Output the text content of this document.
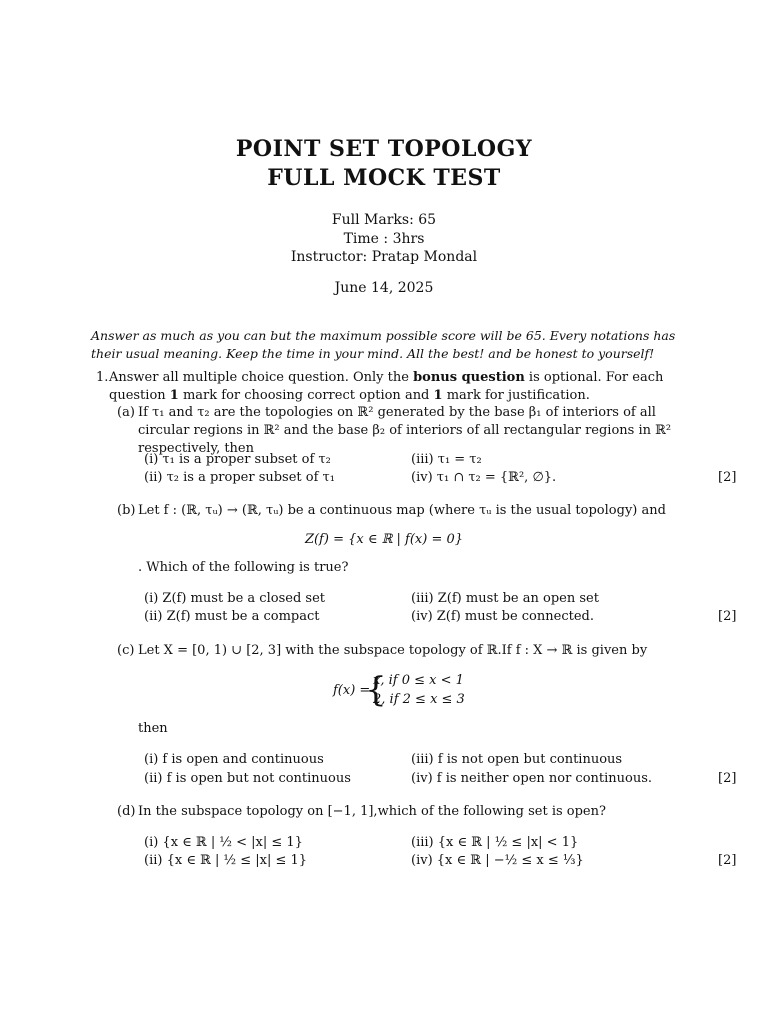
POINT SET TOPOLOGY
FULL MOCK TEST
Full Marks: 65
Time : 3hrs
Instructor: Pratap Mondal
June 14, 2025
Answer as much as you can but the maximum possible score will be 65. Every notations has their usual meaning. Keep the time in your mind. All the best! and be honest to yourself!
1. Answer all multiple choice question. Only the bonus question is optional. For each question 1 mark for choosing correct option and 1 mark for justification.
(a) If τ₁ and τ₂ are the topologies on ℝ² generated by the base β₁ of interiors of all circular regions in ℝ² and the base β₂ of interiors of all rectangular regions in ℝ² respectively, then
(i) τ₁ is a proper subset of τ₂
(ii) τ₂ is a proper subset of τ₁
(iii) τ₁ = τ₂
(iv) τ₁ ∩ τ₂ = {ℝ², ∅}.	[2]
(b) Let f : (ℝ, τᵤ) → (ℝ, τᵤ) be a continuous map (where τᵤ is the usual topology) and
Z(f) = {x ∈ ℝ | f(x) = 0}
. Which of the following is true?
(i) Z(f) must be a closed set
(ii) Z(f) must be a compact
(iii) Z(f) must be an open set
(iv) Z(f) must be connected.	[2]
(c) Let X = [0, 1) ∪ [2, 3] with the subspace topology of ℝ.If f : X → ℝ is given by
f(x) =
{
x, if 0 ≤ x < 1
2, if 2 ≤ x ≤ 3
then
(i) f is open and continuous
(ii) f is open but not continuous
(iii) f is not open but continuous
(iv) f is neither open nor continuous.	[2]
(d) In the subspace topology on [−1, 1],which of the following set is open?
(i) {x ∈ ℝ | ½ < |x| ≤ 1}
(ii) {x ∈ ℝ | ½ ≤ |x| ≤ 1}
(iii) {x ∈ ℝ | ½ ≤ |x| < 1}
(iv) {x ∈ ℝ | −½ ≤ x ≤ ⅓}	[2]
